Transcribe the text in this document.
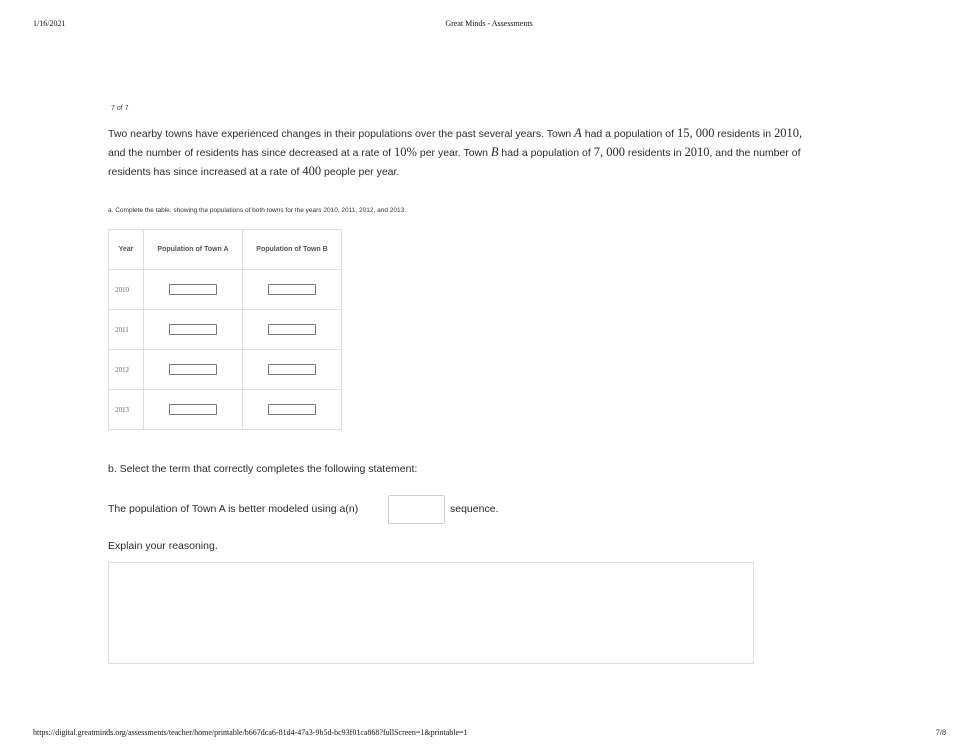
1/16/2021	Great Minds - Assessments
7 of 7
Two nearby towns have experienced changes in their populations over the past several years. Town A had a population of 15, 000 residents in 2010,
and the number of residents has since decreased at a rate of 10% per year. Town B had a population of 7, 000 residents in 2010, and the number of
residents has since increased at a rate of 400 people per year.
a. Complete the table, showing the populations of both towns for the years 2010, 2011, 2012, and 2013.
Year	Population of Town A	Population of Town B
2010		
2011		
2012		
2013		
b. Select the term that correctly completes the following statement:
The population of Town A is better modeled using a(n)	sequence.
Explain your reasoning.
https://digital.greatminds.org/assessments/teacher/home/printable/b667dca6-81d4-47a3-9b5d-bc93f01ca868?fullScreen=1&printable=1	7/8
